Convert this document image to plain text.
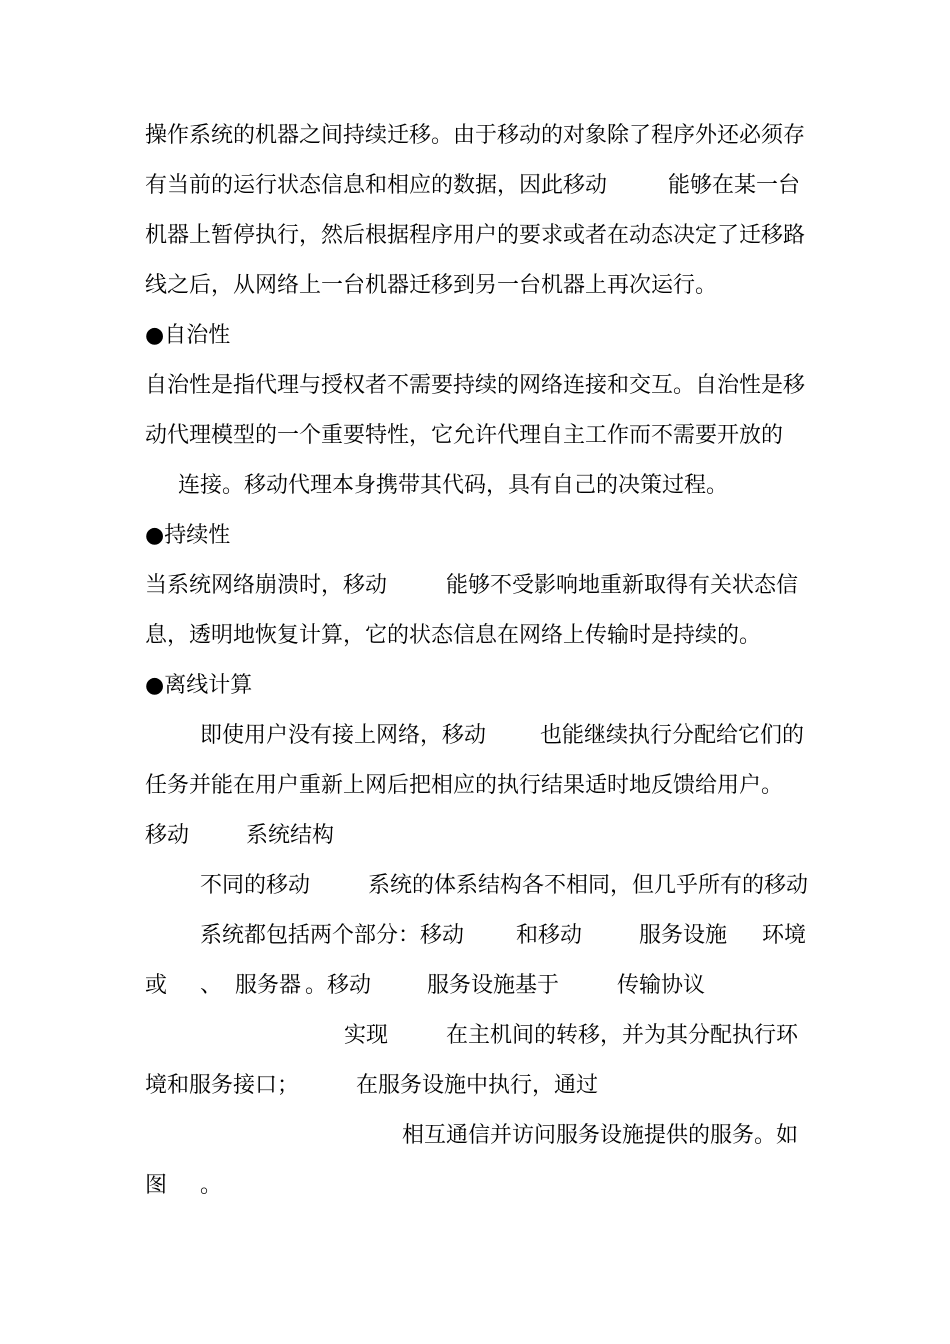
操作系统的机器之间持续迁移。由于移动的对象除了程序外还必须存
有当前的运行状态信息和相应的数据，因此移动	能够在某一台
机器上暂停执行，然后根据程序用户的要求或者在动态决定了迁移路
线之后，从网络上一台机器迁移到另一台机器上再次运行。
●自治性
自治性是指代理与授权者不需要持续的网络连接和交互。自治性是移
动代理模型的一个重要特性，它允许代理自主工作而不需要开放的
连接。移动代理本身携带其代码，具有自己的决策过程。
●持续性
当系统网络崩溃时，移动	能够不受影响地重新取得有关状态信
息，透明地恢复计算，它的状态信息在网络上传输时是持续的。
●离线计算
即使用户没有接上网络，移动 也能继续执行分配给它们的
任务并能在用户重新上网后把相应的执行结果适时地反馈给用户。
移动	系统结构
不同的移动	系统的体系结构各不相同，但几乎所有的移动
系统都包括两个部分：移动 和移动	服务设施 环境
或 、 服务器 。移动	服务设施基于	传输协议
实现	在主机间的转移，并为其分配执行环
境和服务接口；	在服务设施中执行，通过
相互通信并访问服务设施提供的服务。如
图 。
